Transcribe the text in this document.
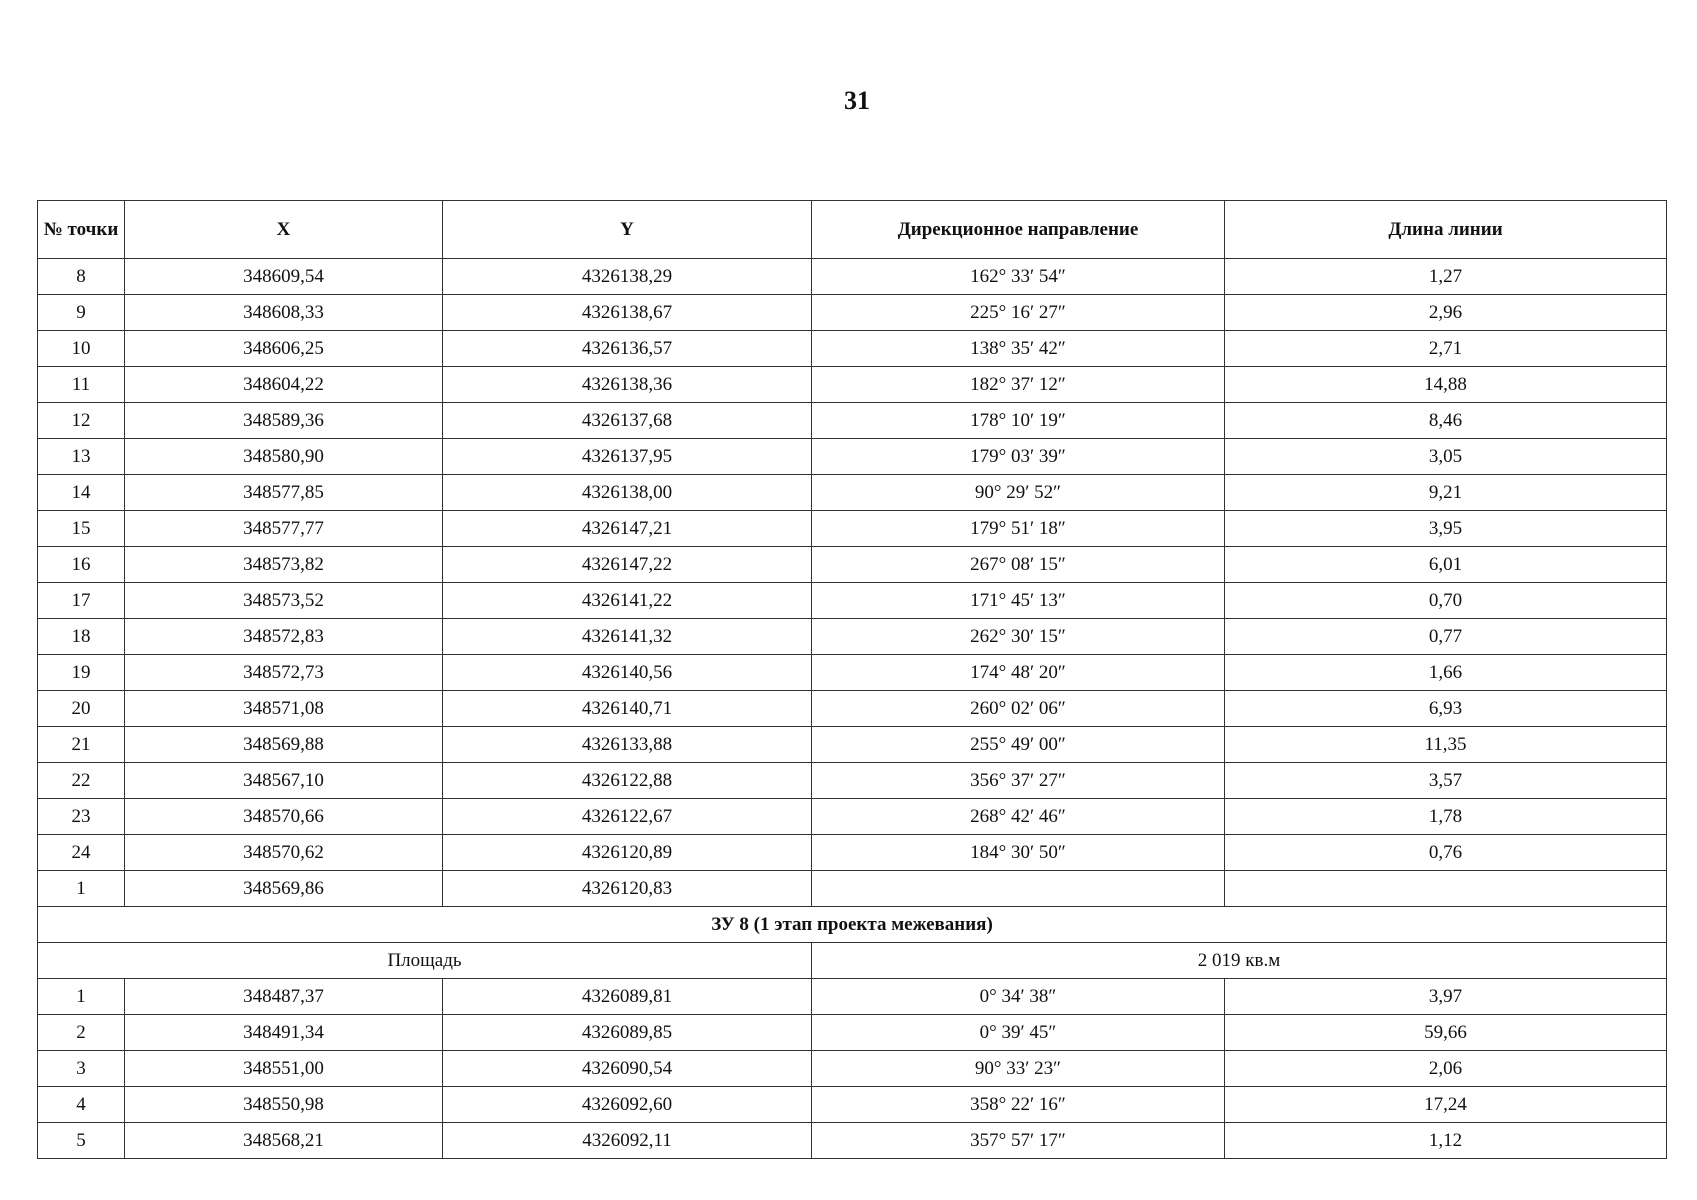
31
№ точки	X	Y	Дирекционное направление	Длина линии
8	348609,54	4326138,29	162° 33′ 54″	1,27
9	348608,33	4326138,67	225° 16′ 27″	2,96
10	348606,25	4326136,57	138° 35′ 42″	2,71
11	348604,22	4326138,36	182° 37′ 12″	14,88
12	348589,36	4326137,68	178° 10′ 19″	8,46
13	348580,90	4326137,95	179° 03′ 39″	3,05
14	348577,85	4326138,00	90° 29′ 52″	9,21
15	348577,77	4326147,21	179° 51′ 18″	3,95
16	348573,82	4326147,22	267° 08′ 15″	6,01
17	348573,52	4326141,22	171° 45′ 13″	0,70
18	348572,83	4326141,32	262° 30′ 15″	0,77
19	348572,73	4326140,56	174° 48′ 20″	1,66
20	348571,08	4326140,71	260° 02′ 06″	6,93
21	348569,88	4326133,88	255° 49′ 00″	11,35
22	348567,10	4326122,88	356° 37′ 27″	3,57
23	348570,66	4326122,67	268° 42′ 46″	1,78
24	348570,62	4326120,89	184° 30′ 50″	0,76
1	348569,86	4326120,83		
ЗУ 8 (1 этап проекта межевания)				
Площадь			2 019 кв.м	
1	348487,37	4326089,81	0° 34′ 38″	3,97
2	348491,34	4326089,85	0° 39′ 45″	59,66
3	348551,00	4326090,54	90° 33′ 23″	2,06
4	348550,98	4326092,60	358° 22′ 16″	17,24
5	348568,21	4326092,11	357° 57′ 17″	1,12
